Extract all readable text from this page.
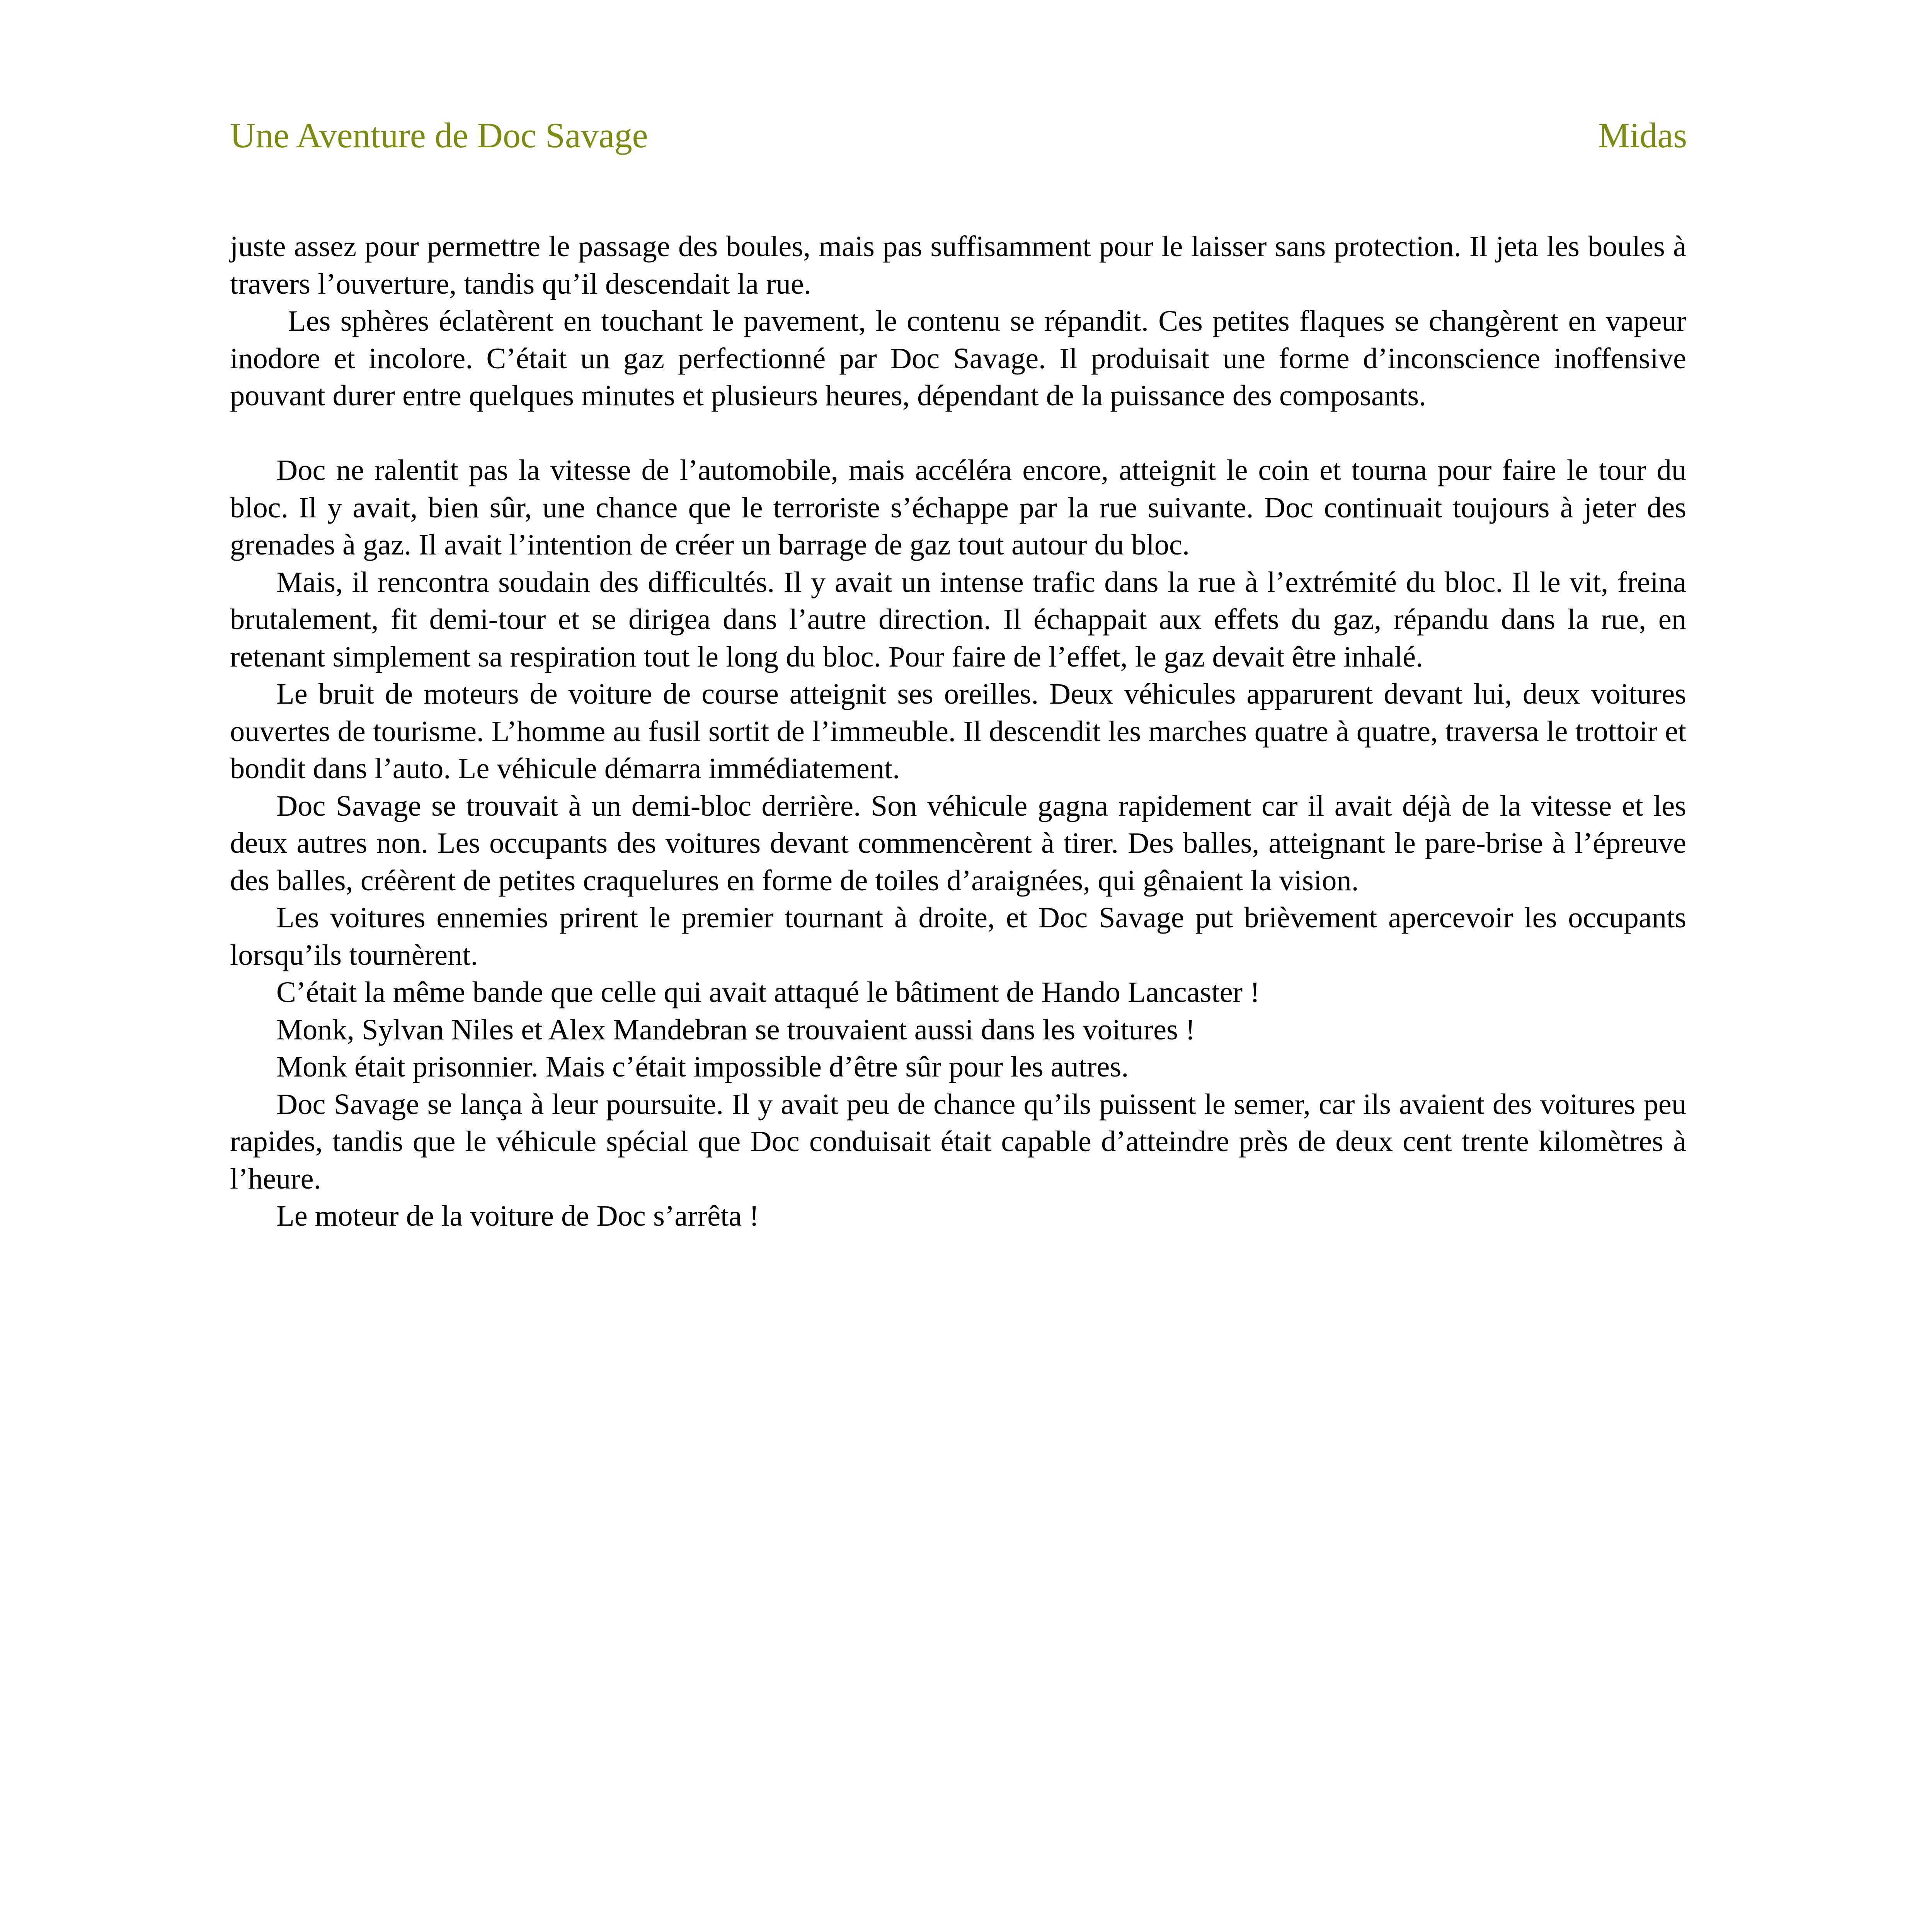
Une Aventure de Doc Savage	Midas

juste assez pour permettre le passage des boules, mais pas suffisamment pour le laisser sans protection. Il jeta les boules à travers l’ouverture, tandis qu’il descendait la rue.

Les sphères éclatèrent en touchant le pavement, le contenu se répandit. Ces petites flaques se changèrent en vapeur inodore et incolore. C’était un gaz perfectionné par Doc Savage. Il produisait une forme d’inconscience inoffensive pouvant durer entre quelques minutes et plusieurs heures, dépendant de la puissance des composants.

Doc ne ralentit pas la vitesse de l’automobile, mais accéléra encore, atteignit le coin et tourna pour faire le tour du bloc. Il y avait, bien sûr, une chance que le terroriste s’échappe par la rue suivante. Doc continuait toujours à jeter des grenades à gaz. Il avait l’intention de créer un barrage de gaz tout autour du bloc.

Mais, il rencontra soudain des difficultés. Il y avait un intense trafic dans la rue à l’extrémité du bloc. Il le vit, freina brutalement, fit demi-tour et se dirigea dans l’autre direction. Il échappait aux effets du gaz, répandu dans la rue, en retenant simplement sa respiration tout le long du bloc. Pour faire de l’effet, le gaz devait être inhalé.

Le bruit de moteurs de voiture de course atteignit ses oreilles. Deux véhicules apparurent devant lui, deux voitures ouvertes de tourisme. L’homme au fusil sortit de l’immeuble. Il descendit les marches quatre à quatre, traversa le trottoir et bondit dans l’auto. Le véhicule démarra immédiatement.

Doc Savage se trouvait à un demi-bloc derrière. Son véhicule gagna rapidement car il avait déjà de la vitesse et les deux autres non. Les occupants des voitures devant commencèrent à tirer. Des balles, atteignant le pare-brise à l’épreuve des balles, créèrent de petites craquelures en forme de toiles d’araignées, qui gênaient la vision.

Les voitures ennemies prirent le premier tournant à droite, et Doc Savage put brièvement apercevoir les occupants lorsqu’ils tournèrent.

C’était la même bande que celle qui avait attaqué le bâtiment de Hando Lancaster !

Monk, Sylvan Niles et Alex Mandebran se trouvaient aussi dans les voitures !

Monk était prisonnier. Mais c’était impossible d’être sûr pour les autres.

Doc Savage se lança à leur poursuite. Il y avait peu de chance qu’ils puissent le semer, car ils avaient des voitures peu rapides, tandis que le véhicule spécial que Doc conduisait était capable d’atteindre près de deux cent trente kilomètres à l’heure.

Le moteur de la voiture de Doc s’arrêta !
